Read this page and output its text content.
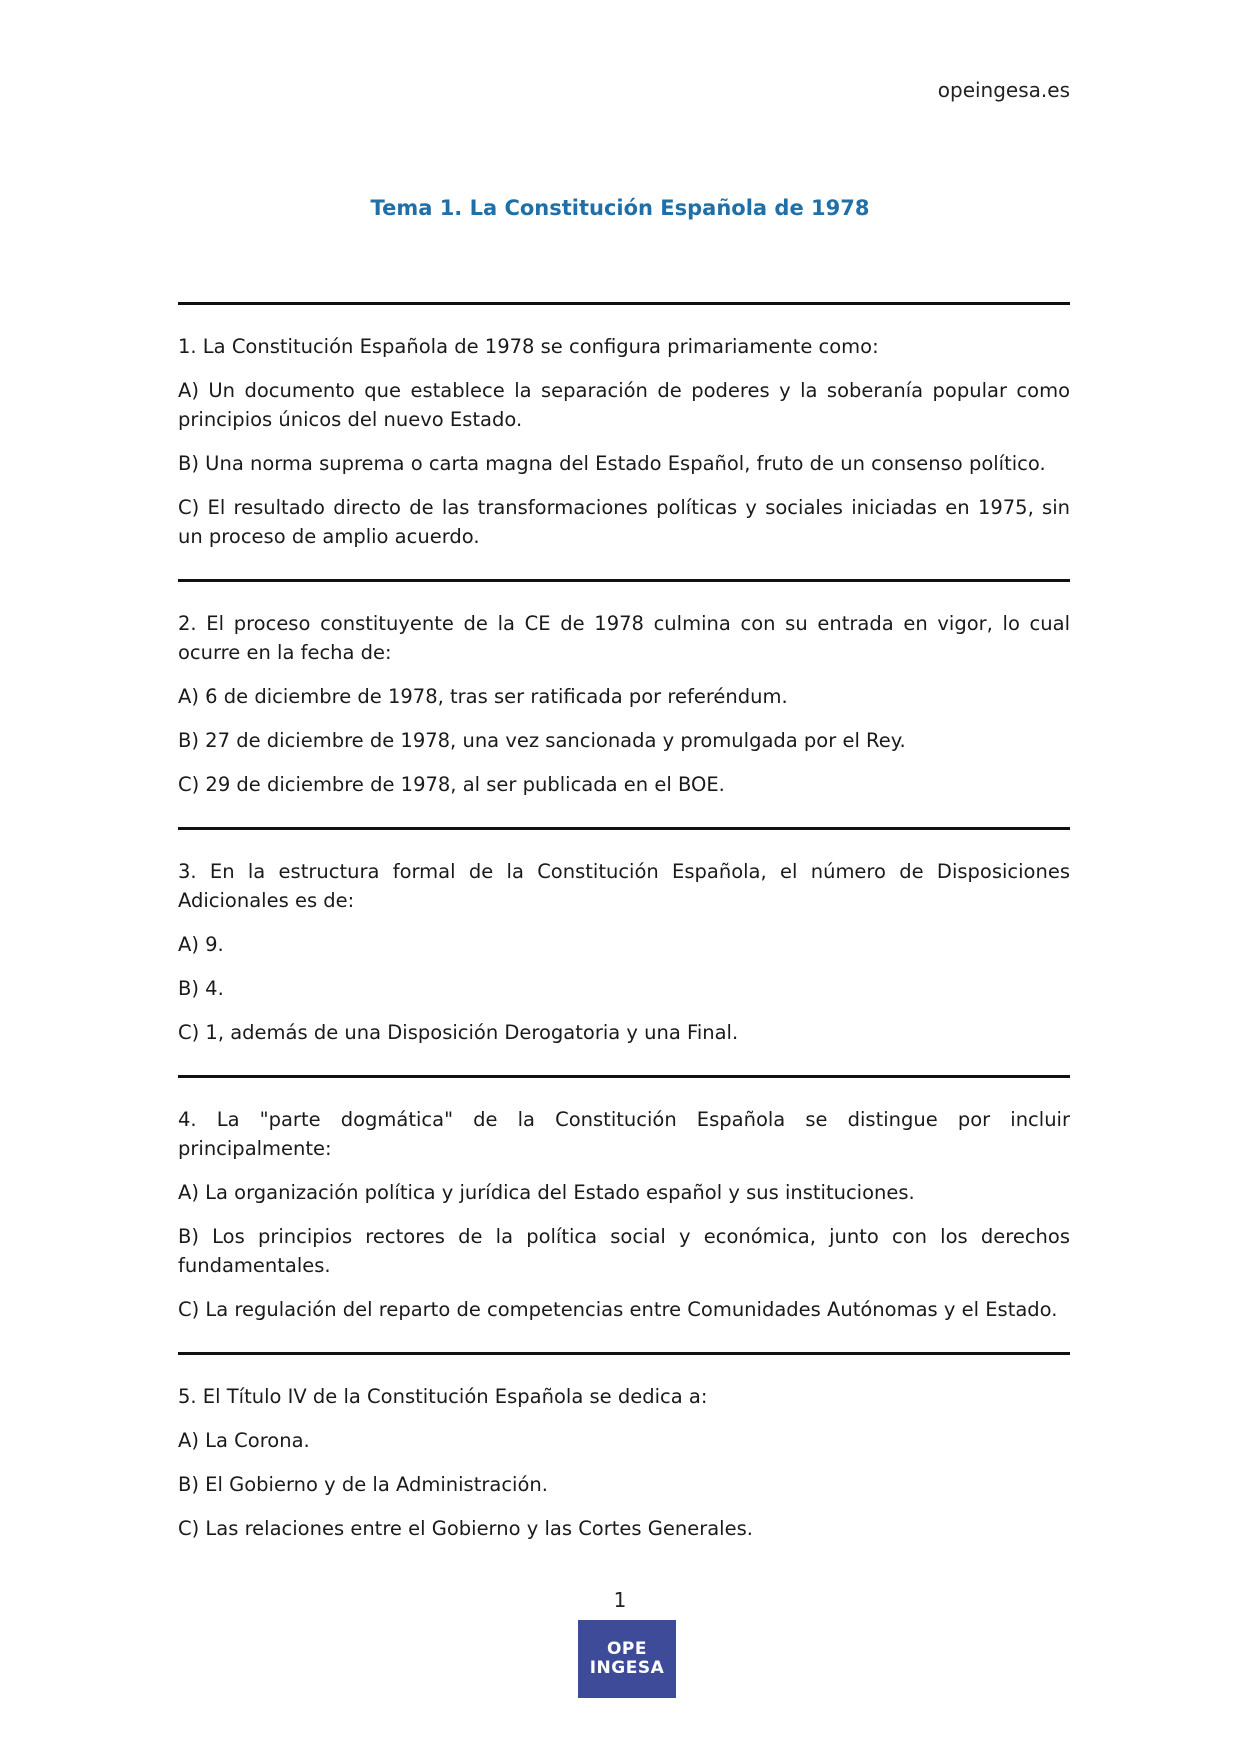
opeingesa.es
Tema 1. La Constitución Española de 1978

1. La Constitución Española de 1978 se configura primariamente como:

A) Un documento que establece la separación de poderes y la soberanía popular como principios únicos del nuevo Estado.

B) Una norma suprema o carta magna del Estado Español, fruto de un consenso político.

C) El resultado directo de las transformaciones políticas y sociales iniciadas en 1975, sin un proceso de amplio acuerdo.

2. El proceso constituyente de la CE de 1978 culmina con su entrada en vigor, lo cual ocurre en la fecha de:

A) 6 de diciembre de 1978, tras ser ratificada por referéndum.

B) 27 de diciembre de 1978, una vez sancionada y promulgada por el Rey.

C) 29 de diciembre de 1978, al ser publicada en el BOE.

3. En la estructura formal de la Constitución Española, el número de Disposiciones Adicionales es de:

A) 9.

B) 4.

C) 1, además de una Disposición Derogatoria y una Final.

4. La "parte dogmática" de la Constitución Española se distingue por incluir principalmente:

A) La organización política y jurídica del Estado español y sus instituciones.

B) Los principios rectores de la política social y económica, junto con los derechos fundamentales.

C) La regulación del reparto de competencias entre Comunidades Autónomas y el Estado.

5. El Título IV de la Constitución Española se dedica a:

A) La Corona.

B) El Gobierno y de la Administración.

C) Las relaciones entre el Gobierno y las Cortes Generales.

1
OPE
INGESA
